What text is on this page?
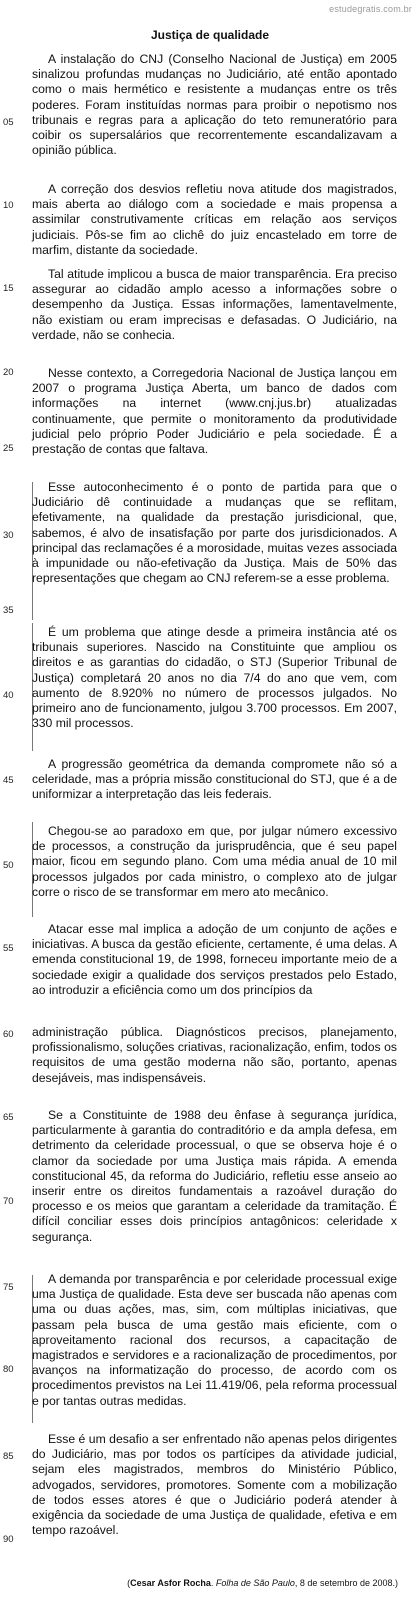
estudegratis.com.br
Justiça de qualidade
05
10
15
20
25
30
35
40
45
50
55
60
65
70
75
80
85
90
A instalação do CNJ (Conselho Nacional de Justiça) em 2005 sinalizou profundas mudanças no Judiciário, até então apontado como o mais hermético e resistente a mudanças entre os três poderes. Foram instituídas normas para proibir o nepotismo nos tribunais e regras para a aplicação do teto remuneratório para coibir os supersalários que recorrentemente escandalizavam a opinião pública.
A correção dos desvios refletiu nova atitude dos magistrados, mais aberta ao diálogo com a sociedade e mais propensa a assimilar construtivamente críticas em relação aos serviços judiciais. Pôs-se fim ao clichê do juiz encastelado em torre de marfim, distante da sociedade.
Tal atitude implicou a busca de maior transparência. Era preciso assegurar ao cidadão amplo acesso a informações sobre o desempenho da Justiça. Essas informações, lamentavelmente, não existiam ou eram imprecisas e defasadas. O Judiciário, na verdade, não se conhecia.
Nesse contexto, a Corregedoria Nacional de Justiça lançou em 2007 o programa Justiça Aberta, um banco de dados com informações na internet (www.cnj.jus.br) atualizadas continuamente, que permite o monitoramento da produtividade judicial pelo próprio Poder Judiciário e pela sociedade. É a prestação de contas que faltava.
Esse autoconhecimento é o ponto de partida para que o Judiciário dê continuidade a mudanças que se reflitam, efetivamente, na qualidade da prestação jurisdicional, que, sabemos, é alvo de insatisfação por parte dos jurisdicionados. A principal das reclamações é a morosidade, muitas vezes associada à impunidade ou não-efetivação da Justiça. Mais de 50% das representações que chegam ao CNJ referem-se a esse problema.
É um problema que atinge desde a primeira instância até os tribunais superiores. Nascido na Constituinte que ampliou os direitos e as garantias do cidadão, o STJ (Superior Tribunal de Justiça) completará 20 anos no dia 7/4 do ano que vem, com aumento de 8.920% no número de processos julgados. No primeiro ano de funcionamento, julgou 3.700 processos. Em 2007, 330 mil processos.
A progressão geométrica da demanda compromete não só a celeridade, mas a própria missão constitucional do STJ, que é a de uniformizar a interpretação das leis federais.
Chegou-se ao paradoxo em que, por julgar número excessivo de processos, a construção da jurisprudência, que é seu papel maior, ficou em segundo plano. Com uma média anual de 10 mil processos julgados por cada ministro, o complexo ato de julgar corre o risco de se transformar em mero ato mecânico.
Atacar esse mal implica a adoção de um conjunto de ações e iniciativas. A busca da gestão eficiente, certamente, é uma delas. A emenda constitucional 19, de 1998, forneceu importante meio de a sociedade exigir a qualidade dos serviços prestados pelo Estado, ao introduzir a eficiência como um dos princípios da
administração pública. Diagnósticos precisos, planejamento, profissionalismo, soluções criativas, racionalização, enfim, todos os requisitos de uma gestão moderna não são, portanto, apenas desejáveis, mas indispensáveis.
Se a Constituinte de 1988 deu ênfase à segurança jurídica, particularmente à garantia do contraditório e da ampla defesa, em detrimento da celeridade processual, o que se observa hoje é o clamor da sociedade por uma Justiça mais rápida. A emenda constitucional 45, da reforma do Judiciário, refletiu esse anseio ao inserir entre os direitos fundamentais a razoável duração do processo e os meios que garantam a celeridade da tramitação. É difícil conciliar esses dois princípios antagônicos: celeridade x segurança.
A demanda por transparência e por celeridade processual exige uma Justiça de qualidade. Esta deve ser buscada não apenas com uma ou duas ações, mas, sim, com múltiplas iniciativas, que passam pela busca de uma gestão mais eficiente, com o aproveitamento racional dos recursos, a capacitação de magistrados e servidores e a racionalização de procedimentos, por avanços na informatização do processo, de acordo com os procedimentos previstos na Lei 11.419/06, pela reforma processual e por tantas outras medidas.
Esse é um desafio a ser enfrentado não apenas pelos dirigentes do Judiciário, mas por todos os partícipes da atividade judicial, sejam eles magistrados, membros do Ministério Público, advogados, servidores, promotores. Somente com a mobilização de todos esses atores é que o Judiciário poderá atender à exigência da sociedade de uma Justiça de qualidade, efetiva e em tempo razoável.
(Cesar Asfor Rocha. Folha de São Paulo, 8 de setembro de 2008.)
